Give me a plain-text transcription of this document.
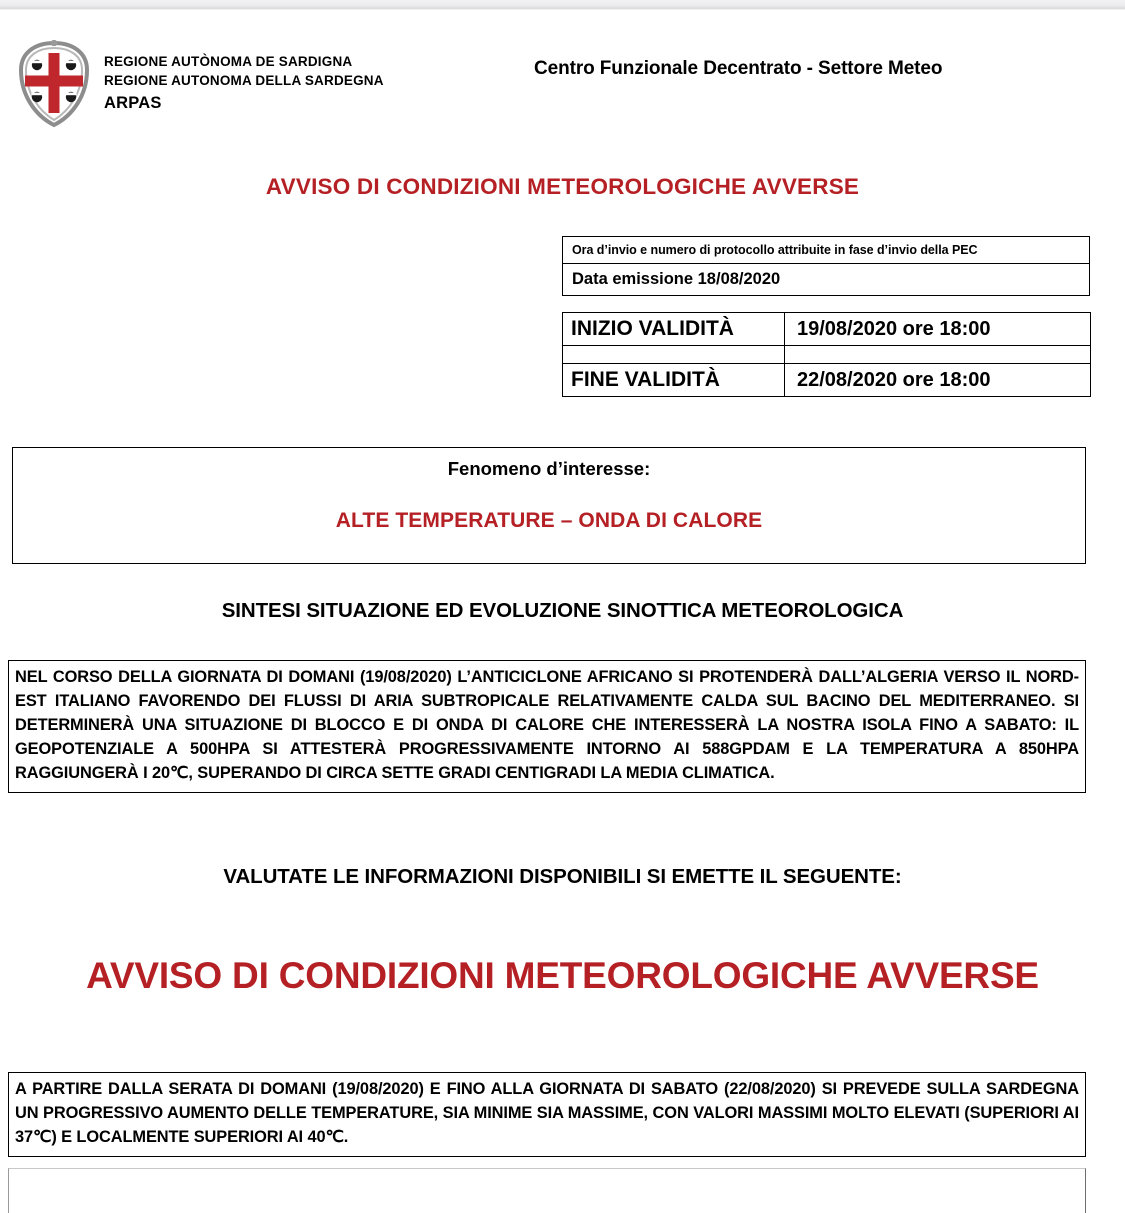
REGIONE AUTÒNOMA DE SARDIGNA
REGIONE AUTONOMA DELLA SARDEGNA
ARPAS
Centro Funzionale Decentrato - Settore Meteo
AVVISO DI CONDIZIONI METEOROLOGICHE AVVERSE
Ora d’invio e numero di protocollo attribuite in fase d’invio della PEC
Data emissione 18/08/2020
INIZIO VALIDITÀ	19/08/2020 ore 18:00

FINE VALIDITÀ	22/08/2020 ore 18:00
Fenomeno d’interesse:
ALTE TEMPERATURE – ONDA DI CALORE
SINTESI SITUAZIONE ED EVOLUZIONE SINOTTICA METEOROLOGICA

NEL CORSO DELLA GIORNATA DI DOMANI (19/08/2020) L’ANTICICLONE AFRICANO SI PROTENDERÀ DALL’ALGERIA VERSO IL NORD-EST ITALIANO FAVORENDO DEI FLUSSI DI ARIA SUBTROPICALE RELATIVAMENTE CALDA SUL BACINO DEL MEDITERRANEO. SI DETERMINERÀ UNA SITUAZIONE DI BLOCCO E DI ONDA DI CALORE CHE INTERESSERÀ LA NOSTRA ISOLA FINO A SABATO: IL GEOPOTENZIALE A 500HPA SI ATTESTERÀ PROGRESSIVAMENTE INTORNO AI 588GPDAM E LA TEMPERATURA A 850HPA RAGGIUNGERÀ I 20℃, SUPERANDO DI CIRCA SETTE GRADI CENTIGRADI LA MEDIA CLIMATICA.

VALUTATE LE INFORMAZIONI DISPONIBILI SI EMETTE IL SEGUENTE:
AVVISO DI CONDIZIONI METEOROLOGICHE AVVERSE

A PARTIRE DALLA SERATA DI DOMANI (19/08/2020) E FINO ALLA GIORNATA DI SABATO (22/08/2020) SI PREVEDE SULLA SARDEGNA UN PROGRESSIVO AUMENTO DELLE TEMPERATURE, SIA MINIME SIA MASSIME, CON VALORI MASSIMI MOLTO ELEVATI (SUPERIORI AI 37℃) E LOCALMENTE SUPERIORI AI 40℃.
